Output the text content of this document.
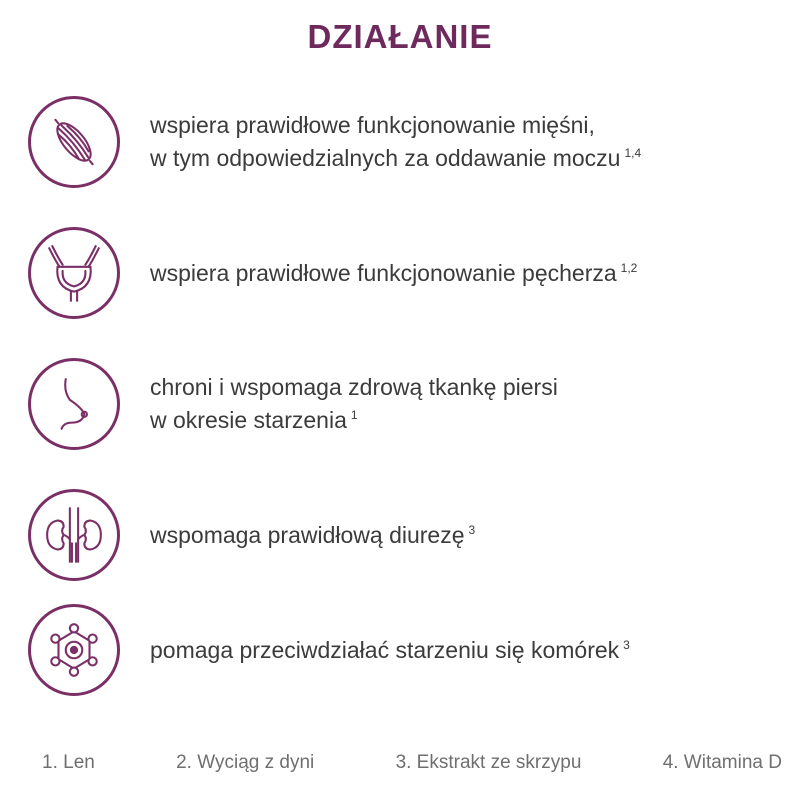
DZIAŁANIE
wspiera prawidłowe funkcjonowanie mięśni,
w tym odpowiedzialnych za oddawanie moczu $^{1,4}$
wspiera prawidłowe funkcjonowanie pęcherza $^{1,2}$
chroni i wspomaga zdrową tkankę piersi
w okresie starzenia $^1$
wspomaga prawidłową diurezę $^3$
pomaga przeciwdziałać starzeniu się komórek $^3$
1. Len	2. Wyciąg z dyni	3. Ekstrakt ze skrzypu	4. Witamina D
